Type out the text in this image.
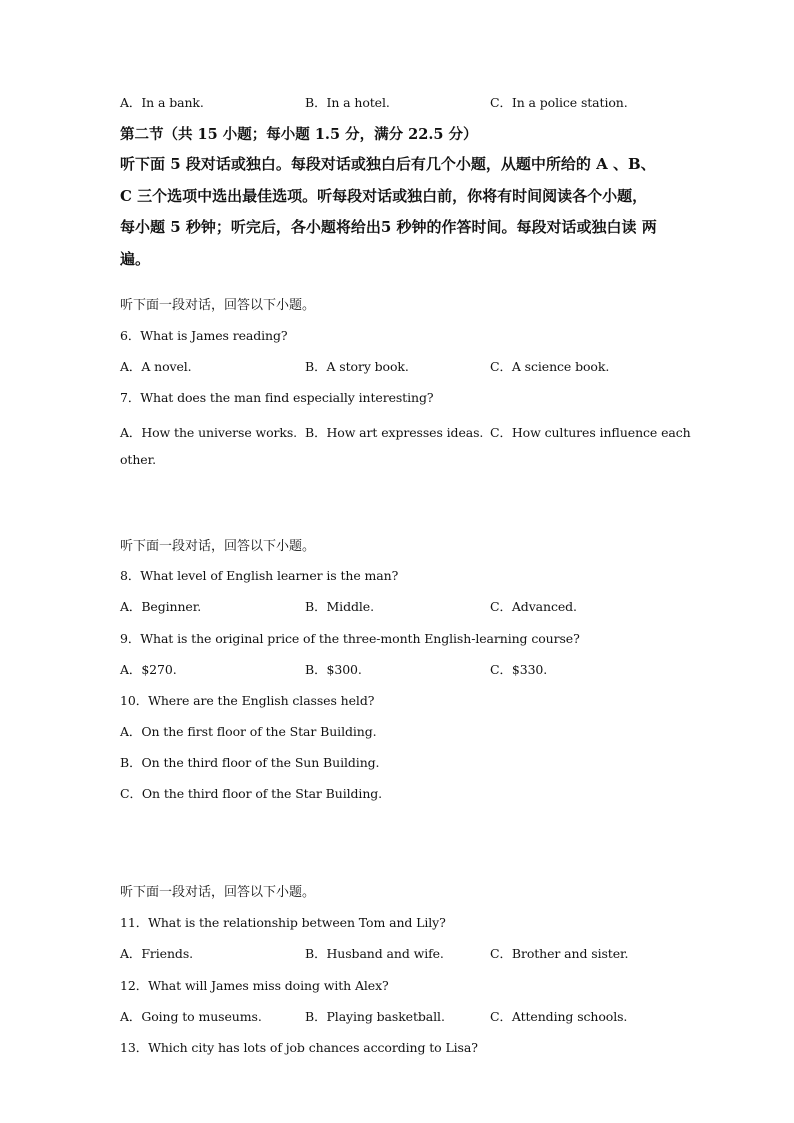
A．In a bank.	B．In a hotel.	C．In a police station.
第二节（共 15 小题；每小题 1.5 分，满分 22.5 分）
听下面 5 段对话或独白。每段对话或独白后有几个小题，从题中所给的 A 、B、
C 三个选项中选出最佳选项。听每段对话或独白前，你将有时间阅读各个小题，
每小题 5 秒钟；听完后，各小题将给出5 秒钟的作答时间。每段对话或独白读 两
遍。
听下面一段对话，回答以下小题。
6．What is James reading?
A．A novel.	B．A story book.	C．A science book.
7．What does the man find especially interesting?
A．How the universe works. B．How art expresses ideas. C．How cultures influence each
other.
听下面一段对话，回答以下小题。
8．What level of English learner is the man?
A．Beginner.	B．Middle.	C．Advanced.
9．What is the original price of the three-month English-learning course?
A．$270.	B．$300.	C．$330.
10．Where are the English classes held?
A．On the first floor of the Star Building.
B．On the third floor of the Sun Building.
C．On the third floor of the Star Building.
听下面一段对话，回答以下小题。
11．What is the relationship between Tom and Lily?
A．Friends.	B．Husband and wife.	C．Brother and sister.
12．What will James miss doing with Alex?
A．Going to museums.	B．Playing basketball.	C．Attending schools.
13．Which city has lots of job chances according to Lisa?
